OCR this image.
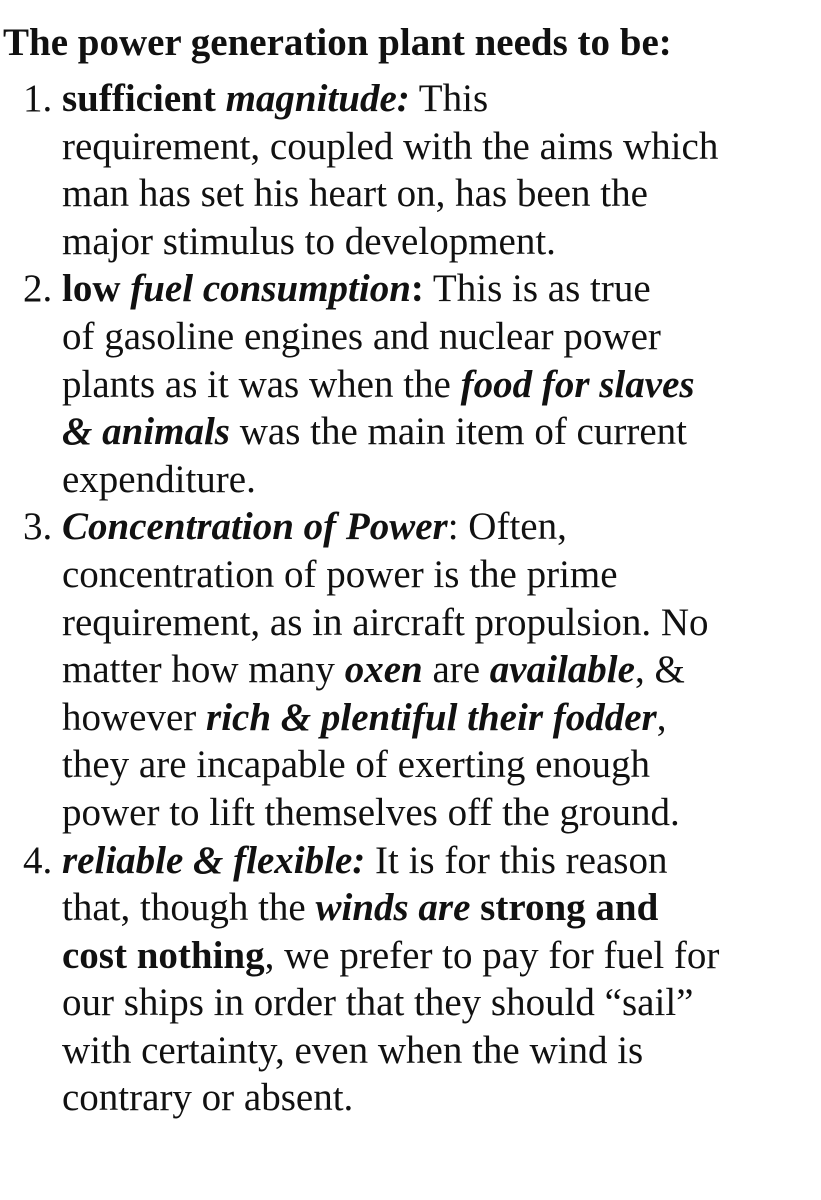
The power generation plant needs to be:
1. sufficient magnitude: This
requirement, coupled with the aims which
man has set his heart on, has been the
major stimulus to development.
2. low fuel consumption: This is as true
of gasoline engines and nuclear power
plants as it was when the food for slaves
& animals was the main item of current
expenditure.
3. Concentration of Power: Often,
concentration of power is the prime
requirement, as in aircraft propulsion. No
matter how many oxen are available, &
however rich & plentiful their fodder,
they are incapable of exerting enough
power to lift themselves off the ground.
4. reliable & flexible: It is for this reason
that, though the winds are strong and
cost nothing, we prefer to pay for fuel for
our ships in order that they should “sail”
with certainty, even when the wind is
contrary or absent.
